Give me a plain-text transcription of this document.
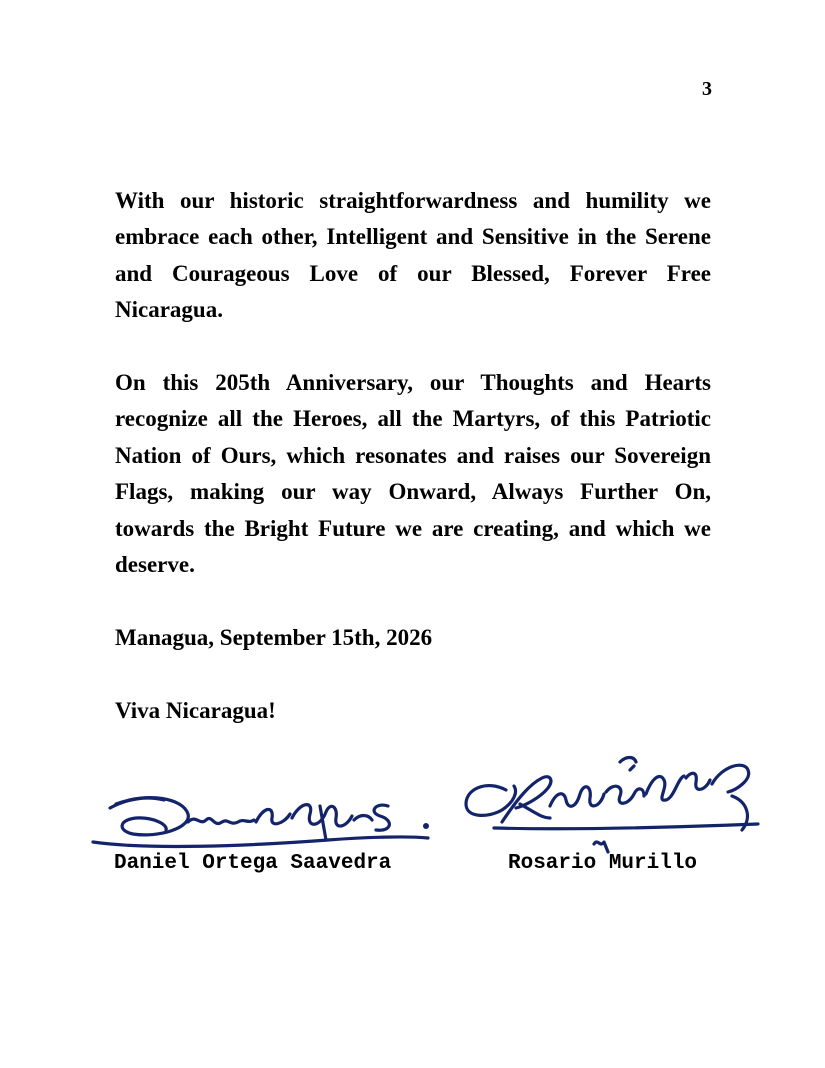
3

With our historic straightforwardness and humility we embrace each other, Intelligent and Sensitive in the Serene and Courageous Love of our Blessed, Forever Free Nicaragua.

On this 205th Anniversary, our Thoughts and Hearts recognize all the Heroes, all the Martyrs, of this Patriotic Nation of Ours, which resonates and raises our Sovereign Flags, making our way Onward, Always Further On, towards the Bright Future we are creating, and which we deserve.

Managua, September 15th, 2026

Viva Nicaragua!

Daniel Ortega Saavedra	Rosario Murillo
